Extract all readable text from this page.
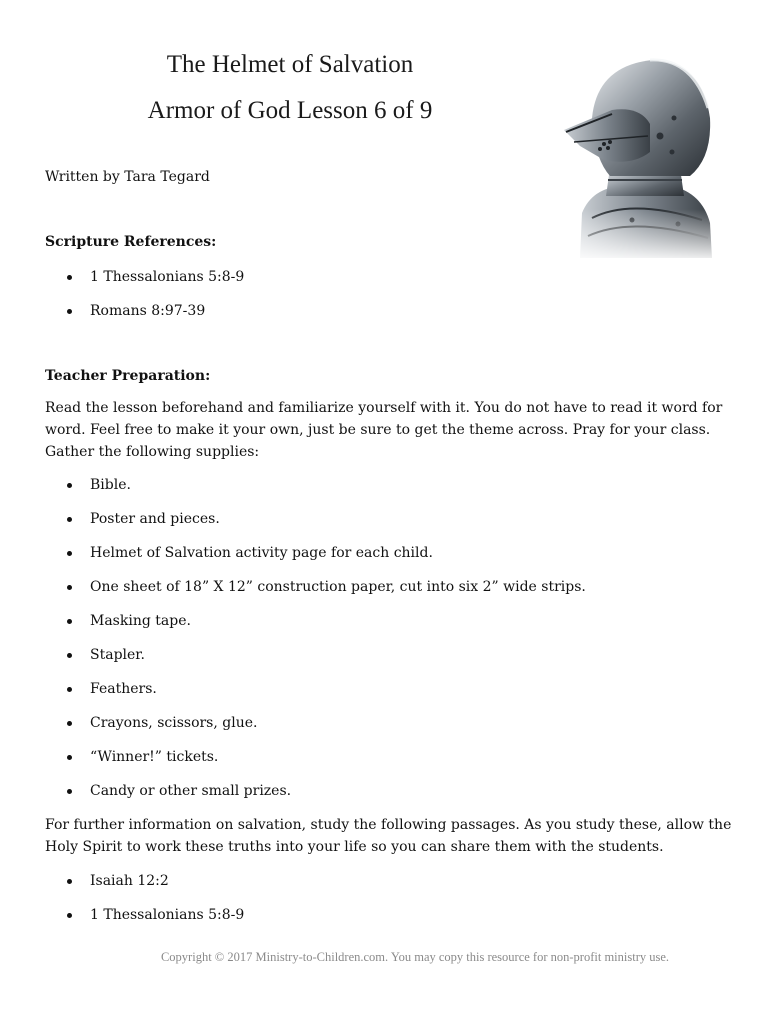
The Helmet of Salvation
Armor of God Lesson 6 of 9
Written by Tara Tegard
Scripture References:
1 Thessalonians 5:8-9
Romans 8:97-39
Teacher Preparation:
Read the lesson beforehand and familiarize yourself with it. You do not have to read it word for word. Feel free to make it your own, just be sure to get the theme across. Pray for your class. Gather the following supplies:
Bible.
Poster and pieces.
Helmet of Salvation activity page for each child.
One sheet of 18” X 12” construction paper, cut into six 2” wide strips.
Masking tape.
Stapler.
Feathers.
Crayons, scissors, glue.
“Winner!” tickets.
Candy or other small prizes.
For further information on salvation, study the following passages. As you study these, allow the Holy Spirit to work these truths into your life so you can share them with the students.
Isaiah 12:2
1 Thessalonians 5:8-9
Copyright © 2017 Ministry-to-Children.com. You may copy this resource for non-profit ministry use.
